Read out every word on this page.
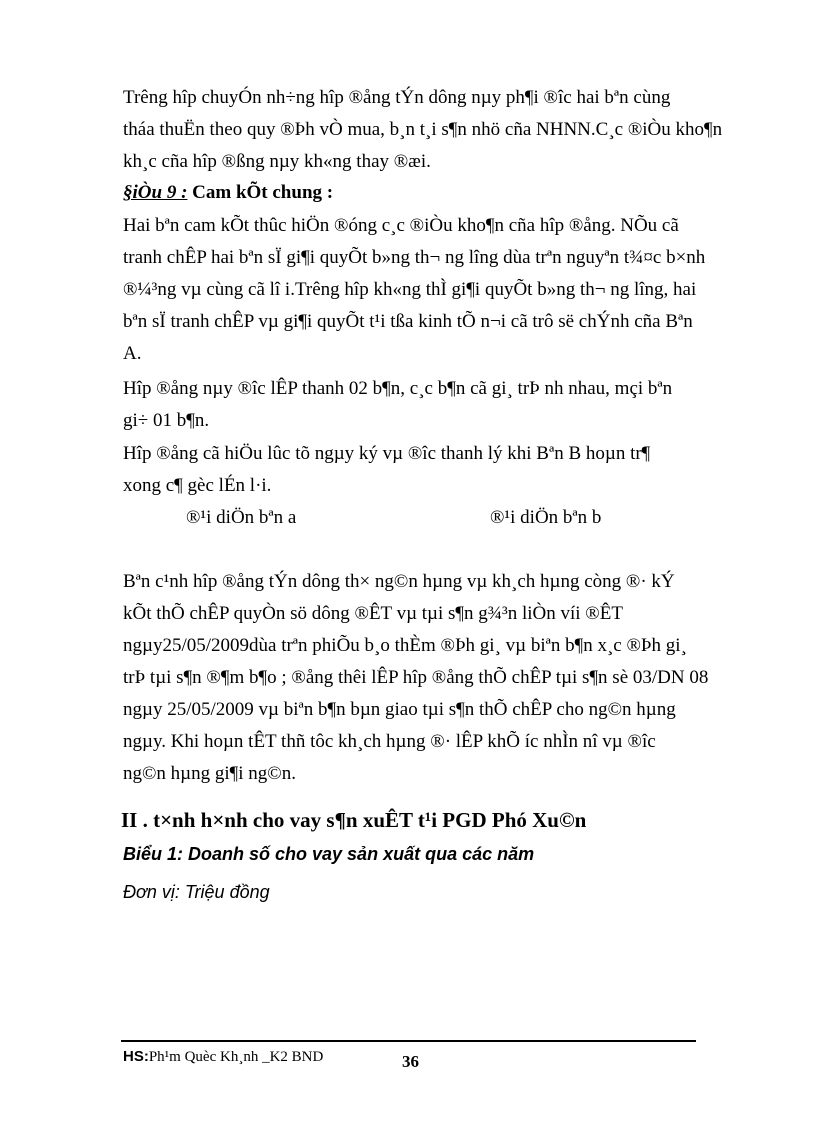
Trêng hîp chuyÓn nh÷ng hîp ®ång tÝn dông nµy ph¶i ®îc hai bªn cùng
tháa thuËn theo quy ®Þh vÒ mua, b¸n t¸i s¶n nhö cña NHNN.C¸c ®iÒu kho¶n
kh¸c cña hîp ®ßng nµy kh«ng thay ®æi.
§iÒu 9 : Cam kÕt chung :
Hai bªn cam kÕt thûc hiÖn ®óng c¸c ®iÒu kho¶n cña hîp ®ång. NÕu cã
tranh chÊP hai bªn sÏ gi¶i quyÕt b»ng th¬ ng lîng dùa trªn nguyªn t¾¤c b×nh
®¼³ng vµ cùng cã lî i.Trêng hîp kh«ng thÌ gi¶i quyÕt b»ng th¬ ng lîng, hai
bªn sÏ tranh chÊP vµ gi¶i quyÕt t¹i tßa kinh tÕ n¬i cã trô së chÝnh cña Bªn
A.
Hîp ®ång nµy ®îc lÊP thanh 02 b¶n, c¸c b¶n cã gi¸ trÞ nh nhau, mçi bªn
gi÷ 01 b¶n.
Hîp ®ång cã hiÖu lûc tõ ngµy ký vµ ®îc thanh lý khi Bªn B hoµn tr¶
xong c¶ gèc lÉn l·i.
®¹i diÖn bªn a	®¹i diÖn bªn b
Bªn c¹nh hîp ®ång tÝn dông th× ng©n hµng vµ kh¸ch hµng còng ®· kÝ
kÕt thÕ chÊP quyÒn sö dông ®ÊT vµ tµi s¶n g¾³n liÒn víi ®ÊT
ngµy25/05/2009dùa trªn phiÕu b¸o thÈm ®Þh gi¸ vµ biªn b¶n x¸c ®Þh gi¸
trÞ tµi s¶n ®¶m b¶o ; ®ång thêi lÊP hîp ®ång thÕ chÊP tµi s¶n sè 03/DN 08
ngµy 25/05/2009 vµ biªn b¶n bµn giao tµi s¶n thÕ chÊP cho ng©n hµng
ngµy. Khi hoµn tÊT thñ tôc kh¸ch hµng ®· lÊP khÕ íc nhÌn nî vµ ®îc
ng©n hµng gi¶i ng©n.
II . t×nh h×nh cho vay s¶n xuÊT t¹i PGD Phó Xu©n
Biểu 1: Doanh số cho vay sản xuất qua các năm
Đơn vị: Triệu đồng
HS:Ph¹m Quèc Kh¸nh _K2 BND	36
